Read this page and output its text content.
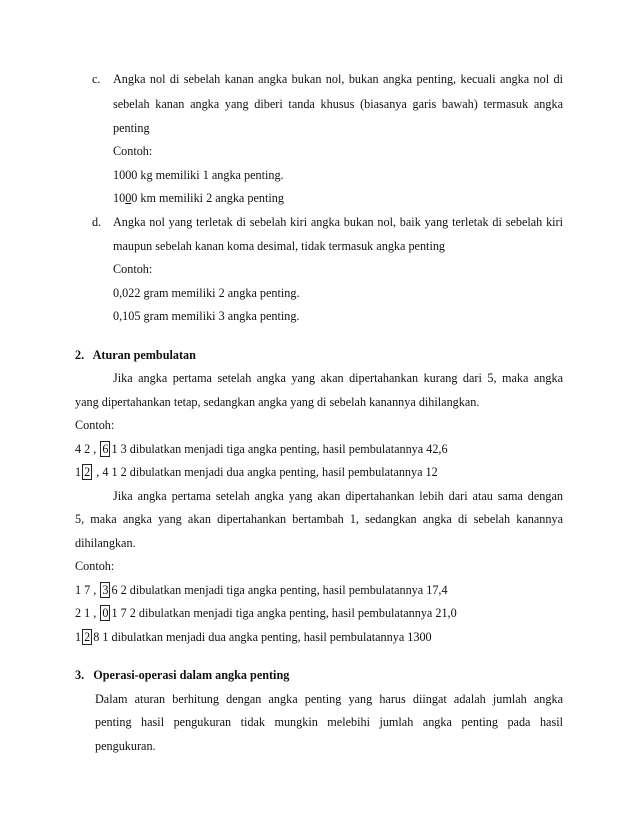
c. Angka nol di sebelah kanan angka bukan nol, bukan angka penting, kecuali angka nol di
sebelah kanan angka yang diberi tanda khusus (biasanya garis bawah) termasuk angka
penting
Contoh:
1000 kg memiliki 1 angka penting.
1000 km memiliki 2 angka penting
d. Angka nol yang terletak di sebelah kiri angka bukan nol, baik yang terletak di sebelah kiri
maupun sebelah kanan koma desimal, tidak termasuk angka penting
Contoh:
0,022 gram memiliki 2 angka penting.
0,105 gram memiliki 3 angka penting.
2.   Aturan pembulatan
Jika angka pertama setelah angka yang akan dipertahankan kurang dari 5, maka angka
yang dipertahankan tetap, sedangkan angka yang di sebelah kanannya dihilangkan.
Contoh:
4 2 , 6 1 3 dibulatkan menjadi tiga angka penting, hasil pembulatannya 42,6
1 2 , 4 1 2 dibulatkan menjadi dua angka penting, hasil pembulatannya 12
Jika angka pertama setelah angka yang akan dipertahankan lebih dari atau sama dengan
5, maka angka yang akan dipertahankan bertambah 1, sedangkan angka di sebelah kanannya
dihilangkan.
Contoh:
1 7 , 3 6 2 dibulatkan menjadi tiga angka penting, hasil pembulatannya 17,4
2 1 , 0 1 7 2 dibulatkan menjadi tiga angka penting, hasil pembulatannya 21,0
1 2 8 1 dibulatkan menjadi dua angka penting, hasil pembulatannya 1300
3.   Operasi-operasi dalam angka penting
Dalam aturan berhitung dengan angka penting yang harus diingat adalah jumlah angka
penting hasil pengukuran tidak mungkin melebihi jumlah angka penting pada hasil
pengukuran.
